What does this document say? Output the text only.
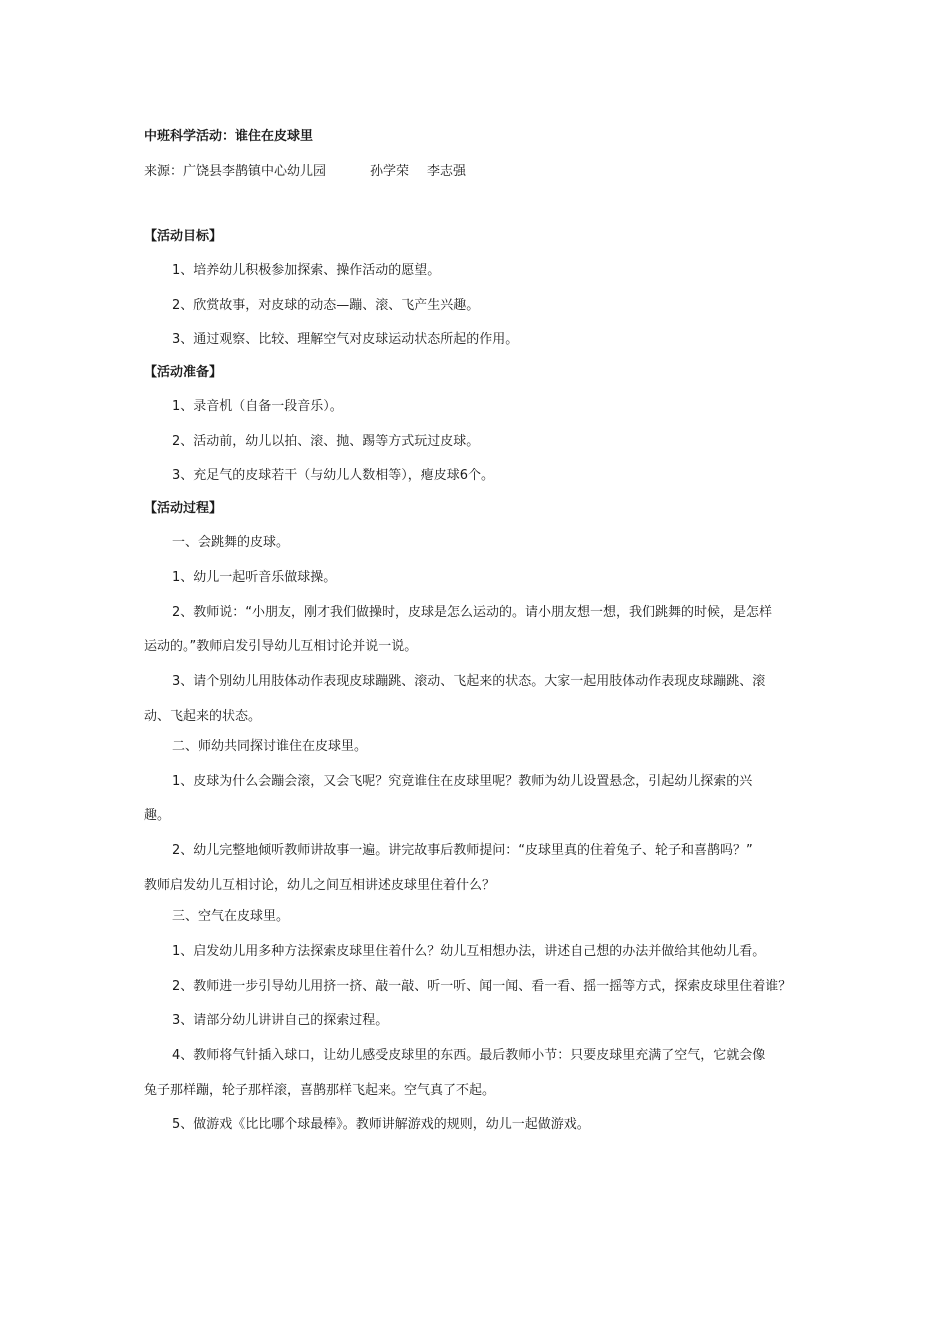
中班科学活动：谁住在皮球里
来源：广饶县李鹊镇中心幼儿园	孙学荣 李志强
【活动目标】
1、培养幼儿积极参加探索、操作活动的愿望。
2、欣赏故事，对皮球的动态—蹦、滚、飞产生兴趣。
3、通过观察、比较、理解空气对皮球运动状态所起的作用。
【活动准备】
1、录音机（自备一段音乐）。
2、活动前，幼儿以拍、滚、抛、踢等方式玩过皮球。
3、充足气的皮球若干（与幼儿人数相等），瘪皮球6个。
【活动过程】
一、会跳舞的皮球。
1、幼儿一起听音乐做球操。
2、教师说：“小朋友，刚才我们做操时，皮球是怎么运动的。请小朋友想一想，我们跳舞的时候，是怎样
运动的。”教师启发引导幼儿互相讨论并说一说。
3、请个别幼儿用肢体动作表现皮球蹦跳、滚动、飞起来的状态。大家一起用肢体动作表现皮球蹦跳、滚
动、飞起来的状态。
二、师幼共同探讨谁住在皮球里。
1、皮球为什么会蹦会滚，又会飞呢？究竟谁住在皮球里呢？教师为幼儿设置悬念，引起幼儿探索的兴
趣。
2、幼儿完整地倾听教师讲故事一遍。讲完故事后教师提问：“皮球里真的住着兔子、轮子和喜鹊吗？”
教师启发幼儿互相讨论，幼儿之间互相讲述皮球里住着什么？
三、空气在皮球里。
1、启发幼儿用多种方法探索皮球里住着什么？幼儿互相想办法，讲述自己想的办法并做给其他幼儿看。
2、教师进一步引导幼儿用挤一挤、敲一敲、听一听、闻一闻、看一看、摇一摇等方式，探索皮球里住着谁？
3、请部分幼儿讲讲自己的探索过程。
4、教师将气针插入球口，让幼儿感受皮球里的东西。最后教师小节：只要皮球里充满了空气，它就会像
兔子那样蹦，轮子那样滚，喜鹊那样飞起来。空气真了不起。
5、做游戏《比比哪个球最棒》。教师讲解游戏的规则，幼儿一起做游戏。
